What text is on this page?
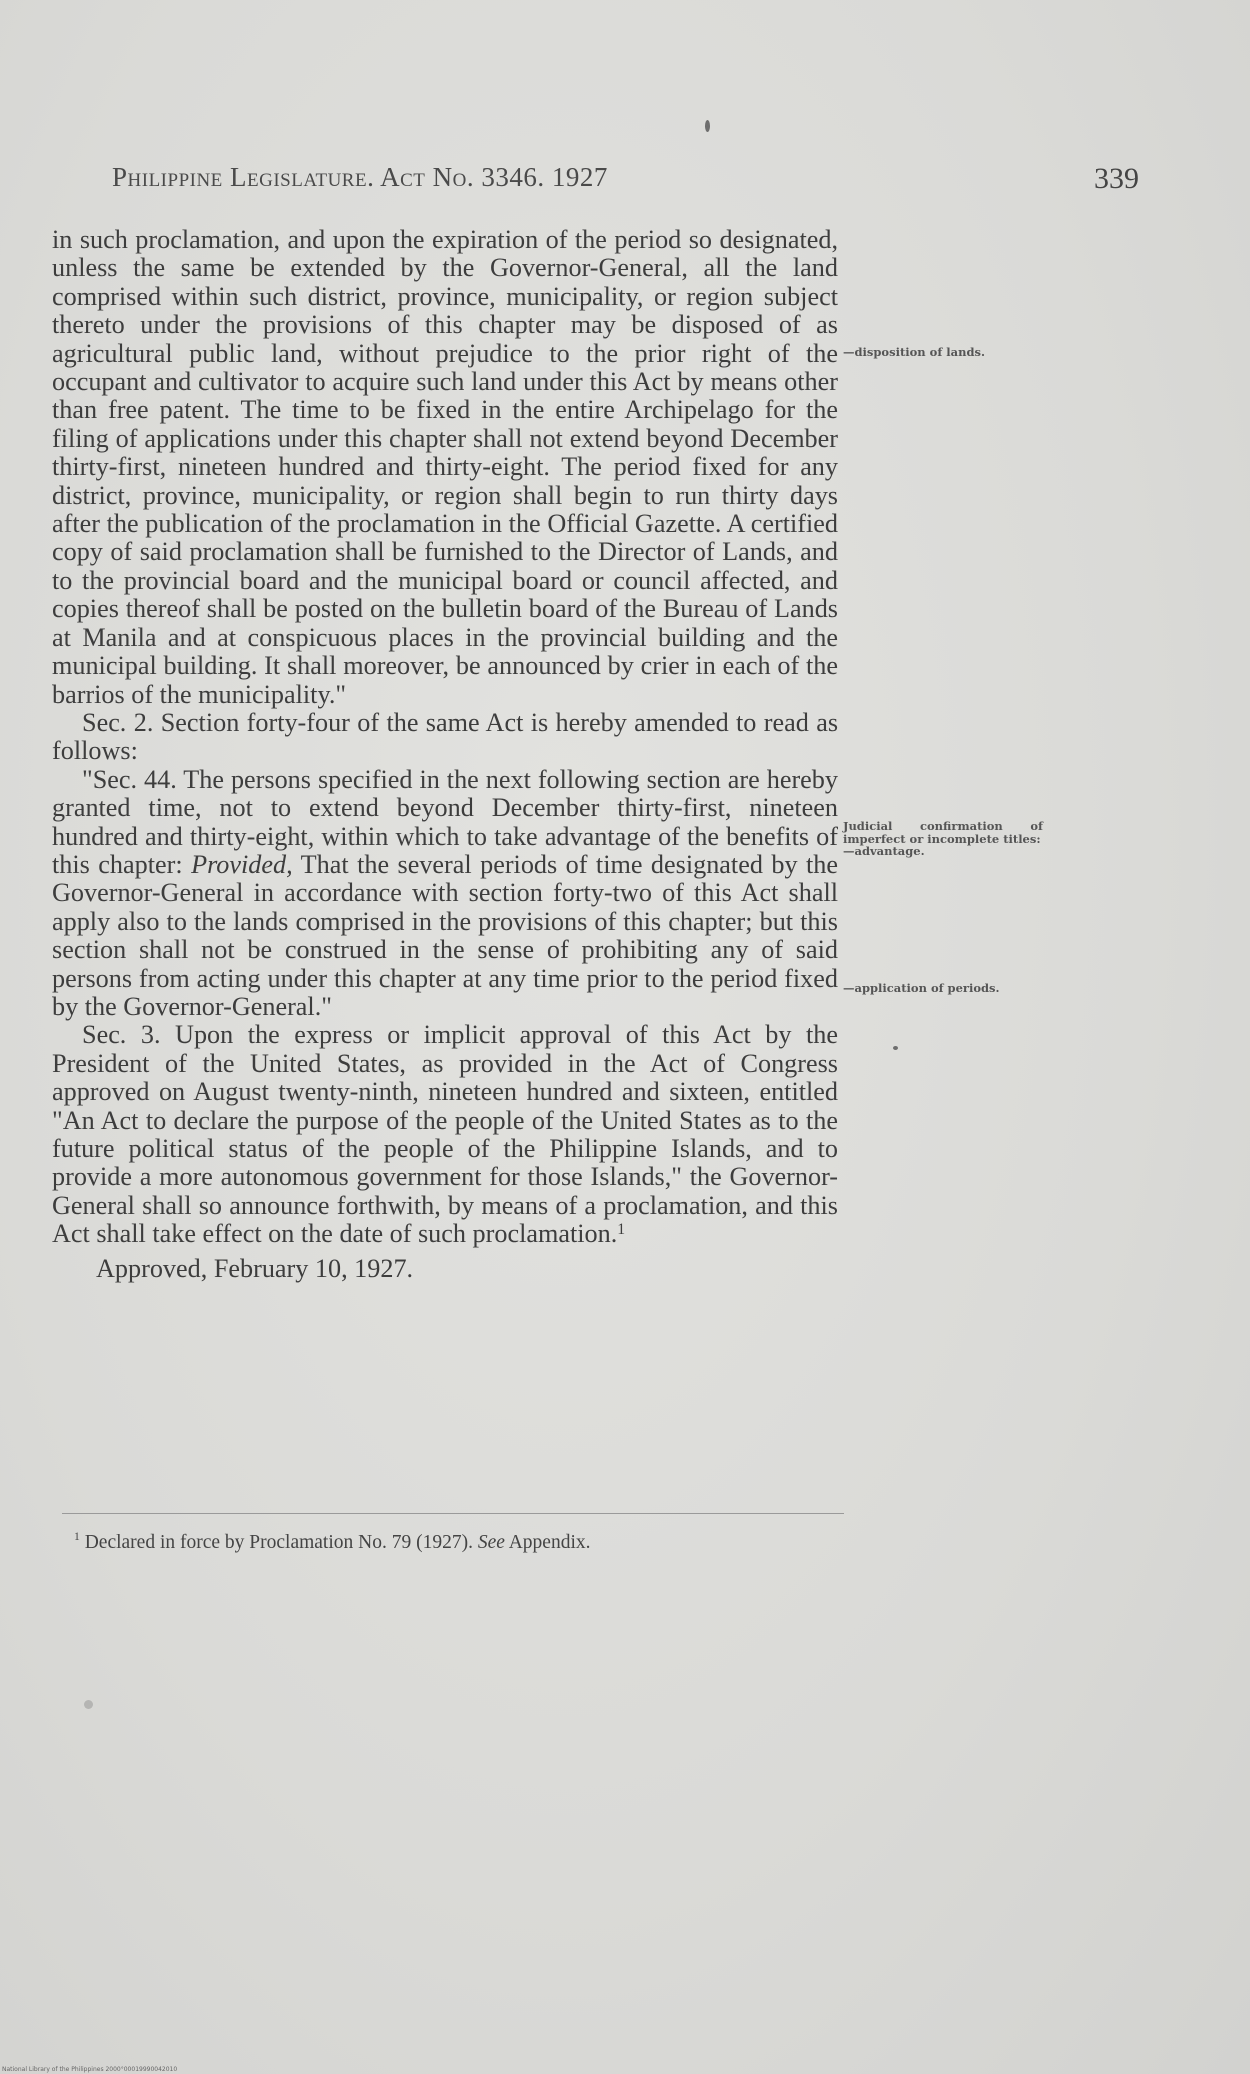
Philippine Legislature. Act No. 3346. 1927	339

in such proclamation, and upon the expiration of the period so designated, unless the same be extended by the Governor-General, all the land comprised within such district, province, municipality, or region subject thereto under the provisions of this chapter may be disposed of as agricultural public land, without prejudice to the prior right of the occupant and cultivator to acquire such land under this Act by means other than free patent. The time to be fixed in the entire Archipelago for the filing of applications under this chapter shall not extend beyond December thirty-first, nineteen hundred and thirty-eight. The period fixed for any district, province, municipality, or region shall begin to run thirty days after the publication of the proclamation in the Official Gazette. A certified copy of said proclamation shall be furnished to the Director of Lands, and to the provincial board and the municipal board or council affected, and copies thereof shall be posted on the bulletin board of the Bureau of Lands at Manila and at conspicuous places in the provincial building and the municipal building. It shall moreover, be announced by crier in each of the barrios of the municipality."

Sec. 2. Section forty-four of the same Act is hereby amended to read as follows:

"Sec. 44. The persons specified in the next following section are hereby granted time, not to extend beyond December thirty-first, nineteen hundred and thirty-eight, within which to take advantage of the benefits of this chapter: Provided, That the several periods of time designated by the Governor-General in accordance with section forty-two of this Act shall apply also to the lands comprised in the provisions of this chapter; but this section shall not be construed in the sense of prohibiting any of said persons from acting under this chapter at any time prior to the period fixed by the Governor-General."

Sec. 3. Upon the express or implicit approval of this Act by the President of the United States, as provided in the Act of Congress approved on August twenty-ninth, nineteen hundred and sixteen, entitled "An Act to declare the purpose of the people of the United States as to the future political status of the people of the Philippine Islands, and to provide a more autonomous government for those Islands," the Governor-General shall so announce forthwith, by means of a proclamation, and this Act shall take effect on the date of such proclamation.$^1$

Approved, February 10, 1927.

$^1$ Declared in force by Proclamation No. 79 (1927). See Appendix.
—disposition of lands.
Judicial confirmation of imperfect or incomplete titles:
—advantage.
—application of periods.
National Library of the Philippines 2000°00019990042010
